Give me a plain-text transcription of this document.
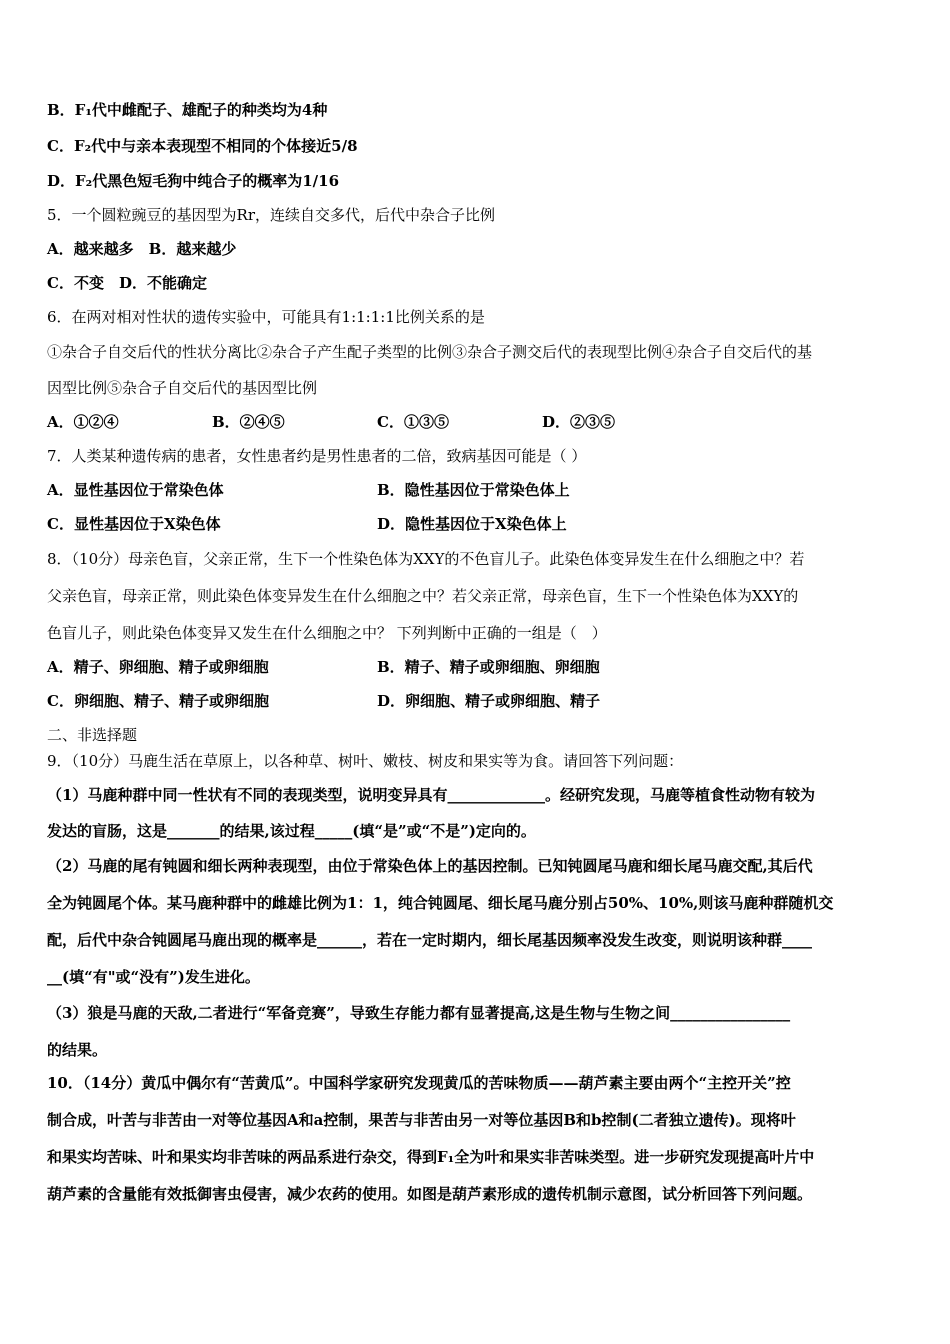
B．F₁代中雌配子、雄配子的种类均为4种
C．F₂代中与亲本表现型不相同的个体接近5/8
D．F₂代黑色短毛狗中纯合子的概率为1/16
5．一个圆粒豌豆的基因型为Rr，连续自交多代，后代中杂合子比例
A．越来越多　B．越来越少
C．不变　D．不能确定
6．在两对相对性状的遗传实验中，可能具有1:1:1:1比例关系的是
①杂合子自交后代的性状分离比②杂合子产生配子类型的比例③杂合子测交后代的表现型比例④杂合子自交后代的基
因型比例⑤杂合子自交后代的基因型比例
A．①②④	B．②④⑤	C．①③⑤	D．②③⑤
7．人类某种遗传病的患者，女性患者约是男性患者的二倍，致病基因可能是（ ）
A．显性基因位于常染色体	B．隐性基因位于常染色体上
C．显性基因位于X染色体	D．隐性基因位于X染色体上
8．（10分）母亲色盲，父亲正常，生下一个性染色体为XXY的不色盲儿子。此染色体变异发生在什么细胞之中？若
父亲色盲，母亲正常，则此染色体变异发生在什么细胞之中？若父亲正常，母亲色盲，生下一个性染色体为XXY的
色盲儿子，则此染色体变异又发生在什么细胞之中？ 下列判断中正确的一组是（　）
A．精子、卵细胞、精子或卵细胞	B．精子、精子或卵细胞、卵细胞
C．卵细胞、精子、精子或卵细胞	D．卵细胞、精子或卵细胞、精子
二、非选择题
9．（10分）马鹿生活在草原上，以各种草、树叶、嫩枝、树皮和果实等为食。请回答下列问题：
（1）马鹿种群中同一性状有不同的表现类型，说明变异具有_____________。经研究发现，马鹿等植食性动物有较为
发达的盲肠，这是_______的结果,该过程_____(填“是”或“不是”)定向的。
（2）马鹿的尾有钝圆和细长两种表现型，由位于常染色体上的基因控制。已知钝圆尾马鹿和细长尾马鹿交配,其后代
全为钝圆尾个体。某马鹿种群中的雌雄比例为1：1，纯合钝圆尾、细长尾马鹿分别占50%、10%,则该马鹿种群随机交
配，后代中杂合钝圆尾马鹿出现的概率是______，若在一定时期内，细长尾基因频率没发生改变，则说明该种群____
__(填“有"或“没有”)发生进化。
（3）狼是马鹿的天敌,二者进行“军备竞赛”，导致生存能力都有显著提高,这是生物与生物之间________________
的结果。
10．（14分）黄瓜中偶尔有“苦黄瓜”。中国科学家研究发现黄瓜的苦味物质——葫芦素主要由两个“主控开关”控
制合成，叶苦与非苦由一对等位基因A和a控制，果苦与非苦由另一对等位基因B和b控制(二者独立遗传)。现将叶
和果实均苦味、叶和果实均非苦味的两品系进行杂交，得到F₁全为叶和果实非苦味类型。进一步研究发现提高叶片中
葫芦素的含量能有效抵御害虫侵害，减少农药的使用。如图是葫芦素形成的遗传机制示意图，试分析回答下列问题。
